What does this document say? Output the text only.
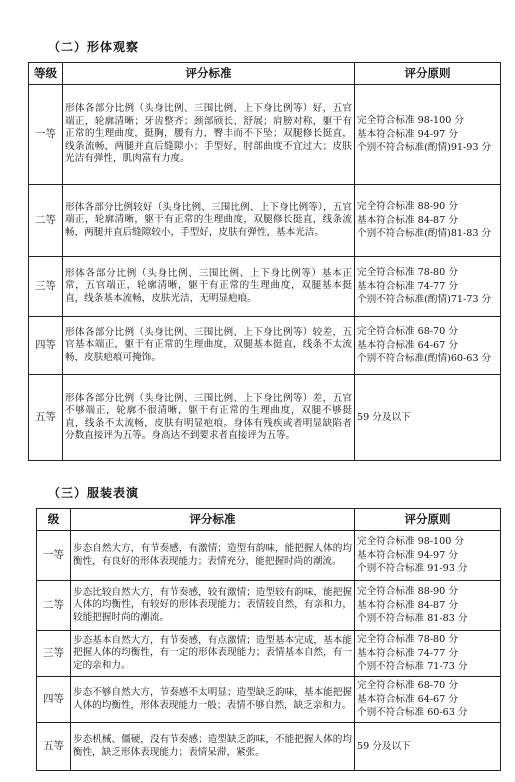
（二）形体观察
等级	评分标准	评分原则
一等	形体各部分比例（头身比例、三围比例、上下身比例等）好，五官端正，轮廓清晰；牙齿整齐；颈部颀长、舒展；肩膀对称，躯干有正常的生理曲度，挺胸，腰有力，臀丰而不下坠；双腿修长挺直，线条流畅，两腿并直后缝隙小；手型好，肘部曲度不宜过大；皮肤光洁有弹性，肌肉富有力度。	完全符合标准 98-100 分
基本符合标准 94-97 分
个别不符合标准(酌情)91-93 分
二等	形体各部分比例较好（头身比例、三围比例、上下身比例等），五官端正，轮廓清晰，躯干有正常的生理曲度，双腿修长挺直，线条流畅，两腿并直后缝隙较小，手型好，皮肤有弹性，基本光洁。	完全符合标准 88-90 分
基本符合标准 84-87 分
个别不符合标准(酌情)81-83 分
三等	形体各部分比例（头身比例、三围比例、上下身比例等）基本正常，五官端正，轮廓清晰，躯干有正常的生理曲度，双腿基本挺直，线条基本流畅，皮肤光洁，无明显疤痕。	完全符合标准 78-80 分
基本符合标准 74-77 分
个别不符合标准(酌情)71-73 分
四等	形体各部分比例（头身比例、三围比例、上下身比例等）较差，五官基本端正，躯干有正常的生理曲度，双腿基本挺直，线条不太流畅，皮肤疤痕可掩饰。	完全符合标准 68-70 分
基本符合标准 64-67 分
个别不符合标准(酌情)60-63 分
五等	形体各部分比例（头身比例、三围比例、上下身比例等）差，五官不够端正，轮廓不很清晰，躯干有正常的生理曲度，双腿不够挺直，线条不太流畅，皮肤有明显疤痕。身体有残疾或者明显缺陷者分数直接评为五等。身高达不到要求者直接评为五等。	59 分及以下
（三）服装表演
级	评分标准	评分原则
一等	步态自然大方，有节奏感，有激情；造型有韵味，能把握人体的均衡性，有良好的形体表现能力；表情充分，能把握时尚的潮流。	完全符合标准 98-100 分
基本符合标准 94-97 分
个别不符合标准 91-93 分
二等	步态比较自然大方，有节奏感，较有激情；造型较有韵味，能把握人体的均衡性，有较好的形体表现能力；表情较自然，有亲和力，较能把握时尚的潮流。	完全符合标准 88-90 分
基本符合标准 84-87 分
个别不符合标准 81-83 分
三等	步态基本自然大方，有节奏感，有点激情；造型基本完成，基本能把握人体的均衡性，有一定的形体表现能力；表情基本自然，有一定的亲和力。	完全符合标准 78-80 分
基本符合标准 74-77 分
个别不符合标准 71-73 分
四等	步态不够自然大方，节奏感不太明显；造型缺乏韵味，基本能把握人体的均衡性，形体表现能力一般；表情不够自然，缺乏亲和力。	完全符合标准 68-70 分
基本符合标准 64-67 分
个别不符合标准 60-63 分
五等	步态机械、僵硬，没有节奏感；造型缺乏韵味，不能把握人体的均衡性，缺乏形体表现能力；表情呆滞，紧张。	59 分及以下
